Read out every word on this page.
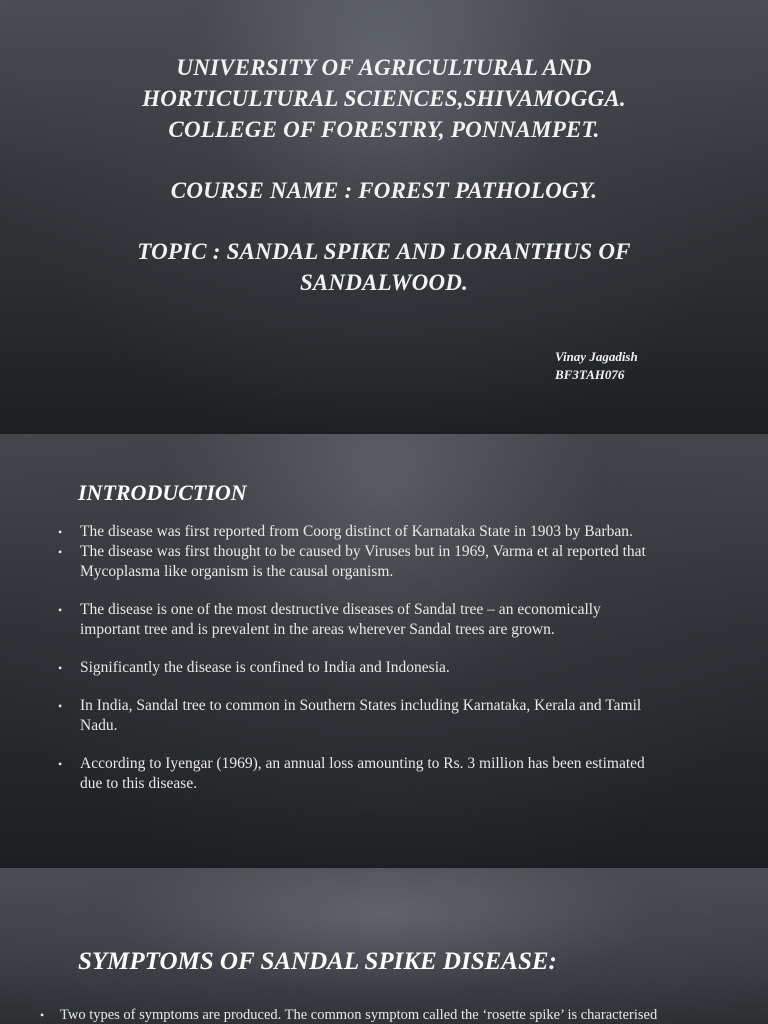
UNIVERSITY OF AGRICULTURAL AND
HORTICULTURAL SCIENCES,SHIVAMOGGA.
COLLEGE OF FORESTRY, PONNAMPET.
COURSE NAME : FOREST PATHOLOGY.
TOPIC : SANDAL SPIKE AND LORANTHUS OF
SANDALWOOD.
Vinay Jagadish
BF3TAH076
INTRODUCTION
• The disease was first reported from Coorg distinct of Karnataka State in 1903 by Barban.
• The disease was first thought to be caused by Viruses but in 1969, Varma et al reported that Mycoplasma like organism is the causal organism.
• The disease is one of the most destructive diseases of Sandal tree – an economically important tree and is prevalent in the areas wherever Sandal trees are grown.
• Significantly the disease is confined to India and Indonesia.
• In India, Sandal tree to common in Southern States including Karnataka, Kerala and Tamil Nadu.
• According to Iyengar (1969), an annual loss amounting to Rs. 3 million has been estimated due to this disease.
SYMPTOMS OF SANDAL SPIKE DISEASE:
• Two types of symptoms are produced. The common symptom called the ‘rosette spike’ is characterised
